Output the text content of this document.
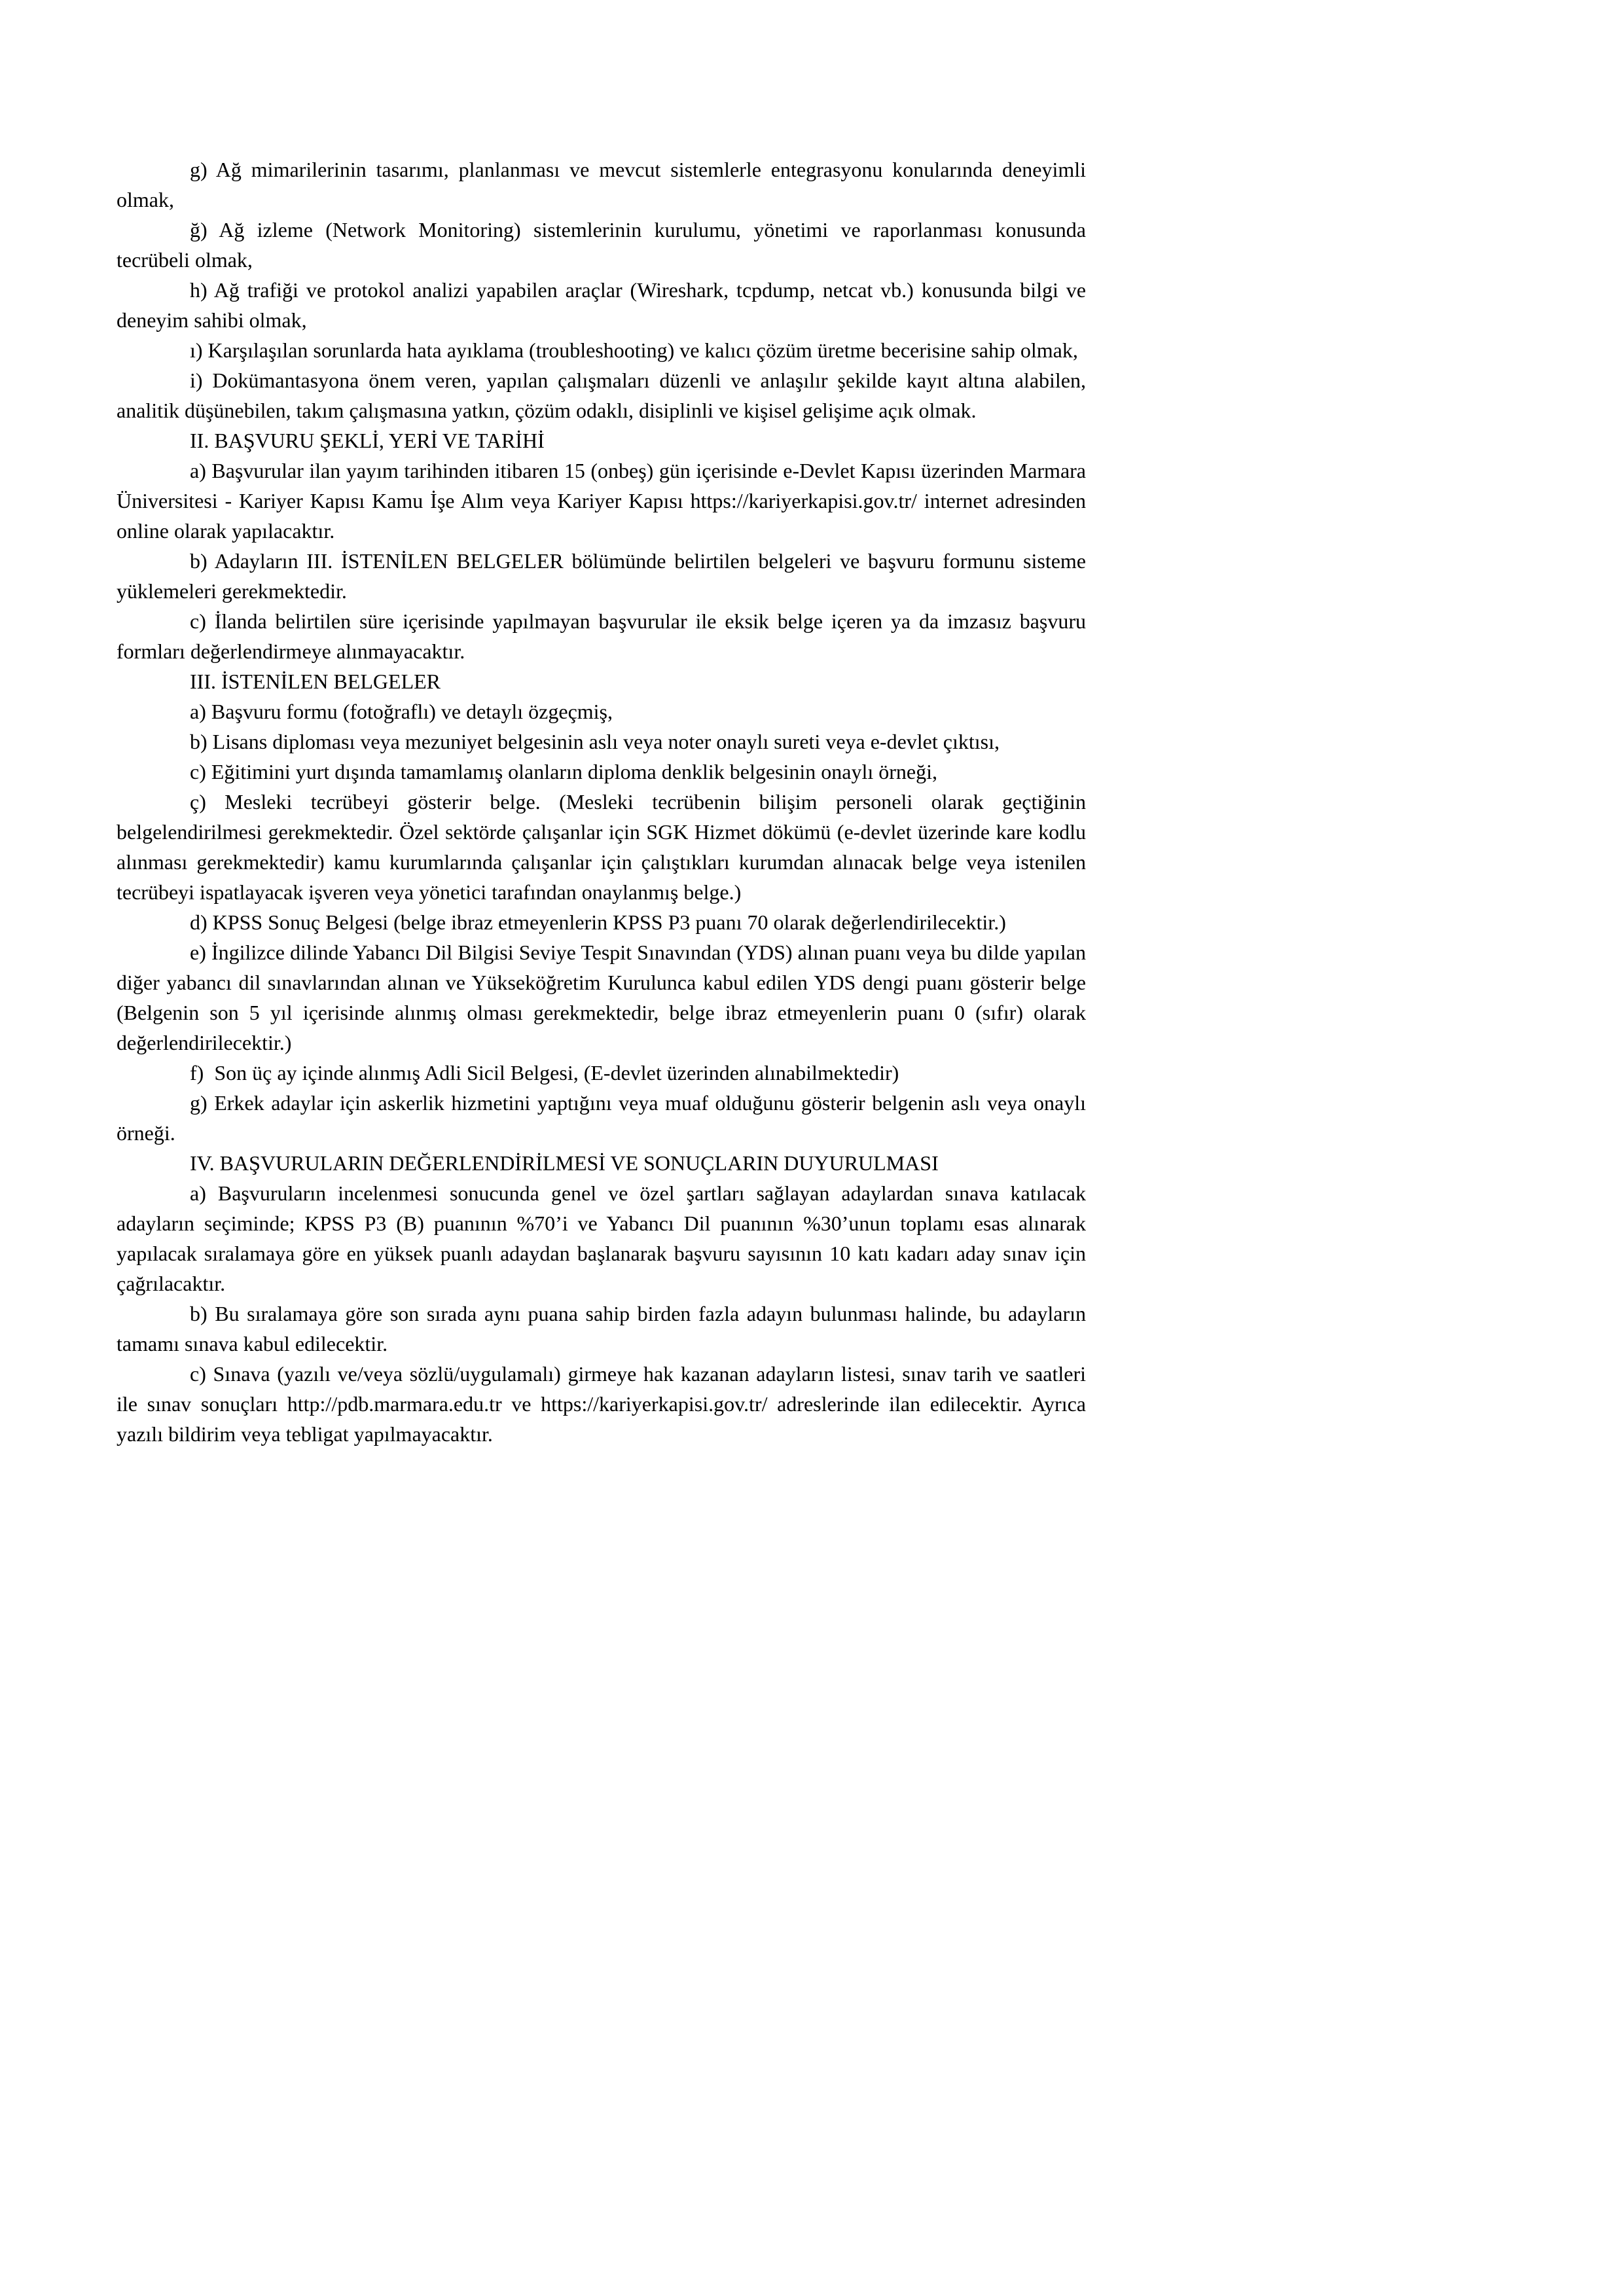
g) Ağ mimarilerinin tasarımı, planlanması ve mevcut sistemlerle entegrasyonu konularında deneyimli olmak,

ğ) Ağ izleme (Network Monitoring) sistemlerinin kurulumu, yönetimi ve raporlanması konusunda tecrübeli olmak,

h) Ağ trafiği ve protokol analizi yapabilen araçlar (Wireshark, tcpdump, netcat vb.) konusunda bilgi ve deneyim sahibi olmak,

ı) Karşılaşılan sorunlarda hata ayıklama (troubleshooting) ve kalıcı çözüm üretme becerisine sahip olmak,

i) Dokümantasyona önem veren, yapılan çalışmaları düzenli ve anlaşılır şekilde kayıt altına alabilen, analitik düşünebilen, takım çalışmasına yatkın, çözüm odaklı, disiplinli ve kişisel gelişime açık olmak.

II. BAŞVURU ŞEKLİ, YERİ VE TARİHİ

a) Başvurular ilan yayım tarihinden itibaren 15 (onbeş) gün içerisinde e-Devlet Kapısı üzerinden Marmara Üniversitesi - Kariyer Kapısı Kamu İşe Alım veya Kariyer Kapısı https://kariyerkapisi.gov.tr/ internet adresinden online olarak yapılacaktır.

b) Adayların III. İSTENİLEN BELGELER bölümünde belirtilen belgeleri ve başvuru formunu sisteme yüklemeleri gerekmektedir.

c) İlanda belirtilen süre içerisinde yapılmayan başvurular ile eksik belge içeren ya da imzasız başvuru formları değerlendirmeye alınmayacaktır.

III. İSTENİLEN BELGELER

a) Başvuru formu (fotoğraflı) ve detaylı özgeçmiş,

b) Lisans diploması veya mezuniyet belgesinin aslı veya noter onaylı sureti veya e-devlet çıktısı,

c) Eğitimini yurt dışında tamamlamış olanların diploma denklik belgesinin onaylı örneği,

ç) Mesleki tecrübeyi gösterir belge. (Mesleki tecrübenin bilişim personeli olarak geçtiğinin belgelendirilmesi gerekmektedir. Özel sektörde çalışanlar için SGK Hizmet dökümü (e-devlet üzerinde kare kodlu alınması gerekmektedir) kamu kurumlarında çalışanlar için çalıştıkları kurumdan alınacak belge veya istenilen tecrübeyi ispatlayacak işveren veya yönetici tarafından onaylanmış belge.)

d) KPSS Sonuç Belgesi (belge ibraz etmeyenlerin KPSS P3 puanı 70 olarak değerlendirilecektir.)

e) İngilizce dilinde Yabancı Dil Bilgisi Seviye Tespit Sınavından (YDS) alınan puanı veya bu dilde yapılan diğer yabancı dil sınavlarından alınan ve Yükseköğretim Kurulunca kabul edilen YDS dengi puanı gösterir belge (Belgenin son 5 yıl içerisinde alınmış olması gerekmektedir, belge ibraz etmeyenlerin puanı 0 (sıfır) olarak değerlendirilecektir.)

f)  Son üç ay içinde alınmış Adli Sicil Belgesi, (E-devlet üzerinden alınabilmektedir)

g) Erkek adaylar için askerlik hizmetini yaptığını veya muaf olduğunu gösterir belgenin aslı veya onaylı örneği.

IV. BAŞVURULARIN DEĞERLENDİRİLMESİ VE SONUÇLARIN DUYURULMASI

a) Başvuruların incelenmesi sonucunda genel ve özel şartları sağlayan adaylardan sınava katılacak adayların seçiminde; KPSS P3 (B) puanının %70’i ve Yabancı Dil puanının %30’unun toplamı esas alınarak yapılacak sıralamaya göre en yüksek puanlı adaydan başlanarak başvuru sayısının 10 katı kadarı aday sınav için çağrılacaktır.

b) Bu sıralamaya göre son sırada aynı puana sahip birden fazla adayın bulunması halinde, bu adayların tamamı sınava kabul edilecektir.

c) Sınava (yazılı ve/veya sözlü/uygulamalı) girmeye hak kazanan adayların listesi, sınav tarih ve saatleri ile sınav sonuçları http://pdb.marmara.edu.tr ve https://kariyerkapisi.gov.tr/ adreslerinde ilan edilecektir. Ayrıca yazılı bildirim veya tebligat yapılmayacaktır.
